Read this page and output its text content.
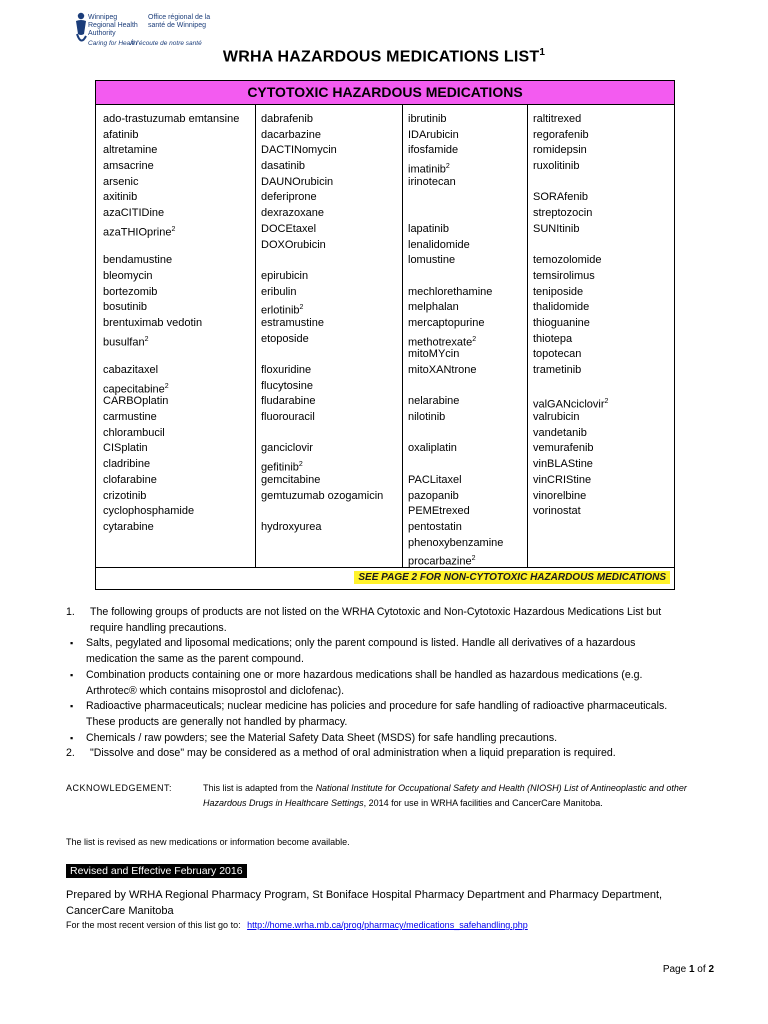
Winnipeg Regional Health Authority
Office régional de la santé de Winnipeg
Caring for Health
À l'écoute de notre santé
WRHA HAZARDOUS MEDICATIONS LIST$^1$
CYTOTOXIC HAZARDOUS MEDICATIONS
ado-trastuzumab emtansine
afatinib
altretamine
amsacrine
arsenic
axitinib
azaCITIDine
azaTHIOprine$^2$
bendamustine
bleomycin
bortezomib
bosutinib
brentuximab vedotin
busulfan$^2$
cabazitaxel
capecitabine$^2$
CARBOplatin
carmustine
chlorambucil
CISplatin
cladribine
clofarabine
crizotinib
cyclophosphamide
cytarabine
dabrafenib
dacarbazine
DACTINomycin
dasatinib
DAUNOrubicin
deferiprone
dexrazoxane
DOCEtaxel
DOXOrubicin
epirubicin
eribulin
erlotinib$^2$
estramustine
etoposide
floxuridine
flucytosine
fludarabine
fluorouracil
ganciclovir
gefitinib$^2$
gemcitabine
gemtuzumab ozogamicin
hydroxyurea
ibrutinib
IDArubicin
ifosfamide
imatinib$^2$
irinotecan
lapatinib
lenalidomide
lomustine
mechlorethamine
melphalan
mercaptopurine
methotrexate$^2$
mitoMYcin
mitoXANtrone
nelarabine
nilotinib
oxaliplatin
PACLitaxel
pazopanib
PEMEtrexed
pentostatin
phenoxybenzamine
procarbazine$^2$
raltitrexed
regorafenib
romidepsin
ruxolitinib
SORAfenib
streptozocin
SUNItinib
temozolomide
temsirolimus
teniposide
thalidomide
thioguanine
thiotepa
topotecan
trametinib
valGANciclovir$^2$
valrubicin
vandetanib
vemurafenib
vinBLAStine
vinCRIStine
vinorelbine
vorinostat
SEE PAGE 2 FOR NON-CYTOTOXIC HAZARDOUS MEDICATIONS
1. The following groups of products are not listed on the WRHA Cytotoxic and Non-Cytotoxic Hazardous Medications List but require handling precautions.
▪ Salts, pegylated and liposomal medications; only the parent compound is listed. Handle all derivatives of a hazardous medication the same as the parent compound.
▪ Combination products containing one or more hazardous medications shall be handled as hazardous medications (e.g. Arthrotec® which contains misoprostol and diclofenac).
▪ Radioactive pharmaceuticals; nuclear medicine has policies and procedure for safe handling of radioactive pharmaceuticals. These products are generally not handled by pharmacy.
▪ Chemicals / raw powders; see the Material Safety Data Sheet (MSDS) for safe handling precautions.
2. "Dissolve and dose" may be considered as a method of oral administration when a liquid preparation is required.
ACKNOWLEDGEMENT:	This list is adapted from the National Institute for Occupational Safety and Health (NIOSH) List of Antineoplastic and other Hazardous Drugs in Healthcare Settings, 2014 for use in WRHA facilities and CancerCare Manitoba.
The list is revised as new medications or information become available.
Revised and Effective February 2016
Prepared by WRHA Regional Pharmacy Program, St Boniface Hospital Pharmacy Department and Pharmacy Department, CancerCare Manitoba
For the most recent version of this list go to: http://home.wrha.mb.ca/prog/pharmacy/medications_safehandling.php
Page 1 of 2
